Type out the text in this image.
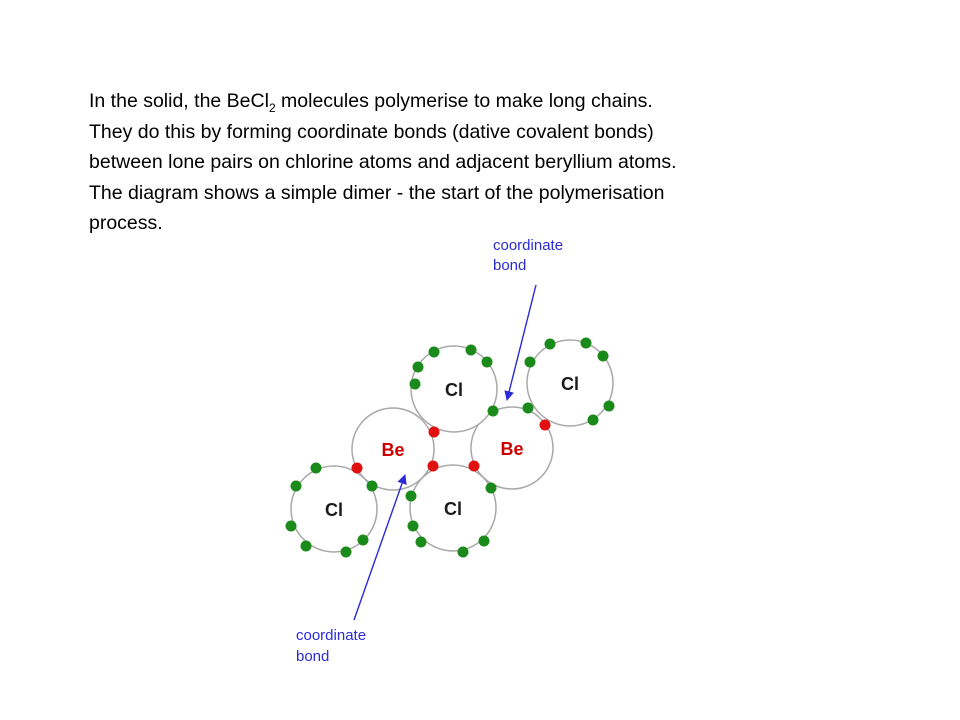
In the solid, the BeCl$_2$ molecules polymerise to make long chains.
They do this by forming coordinate bonds (dative covalent bonds)
between lone pairs on chlorine atoms and adjacent beryllium atoms.
The diagram shows a simple dimer - the start of the polymerisation
process.

Be	Be
Cl	Cl
Cl
Cl
coordinate
bond
coordinate
bond
